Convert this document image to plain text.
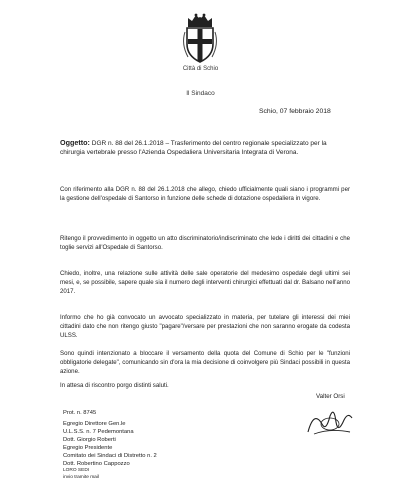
Città di Schio
Il Sindaco
Schio, 07 febbraio 2018
Oggetto: DGR n. 88 del 26.1.2018 – Trasferimento del centro regionale specializzato per la chirurgia vertebrale presso l'Azienda Ospedaliera Universitaria Integrata di Verona.
Con riferimento alla DGR n. 88 del 26.1.2018 che allego, chiedo ufficialmente quali siano i programmi per la gestione dell'ospedale di Santorso in funzione delle schede di dotazione ospedaliera in vigore.
Ritengo il provvedimento in oggetto un atto discriminatorio/indiscriminato che lede i diritti dei cittadini e che toglie servizi all'Ospedale di Santorso.
Chiedo, inoltre, una relazione sulle attività delle sale operatorie del medesimo ospedale degli ultimi sei mesi, e, se possibile, sapere quale sia il numero degli interventi chirurgici effettuati dal dr. Balsano nell'anno 2017.
Informo che ho già convocato un avvocato specializzato in materia, per tutelare gli interessi dei miei cittadini dato che non ritengo giusto "pagare"/versare per prestazioni che non saranno erogate da codesta ULSS.
Sono quindi intenzionato a bloccare il versamento della quota del Comune di Schio per le "funzioni obbligatorie delegate", comunicando sin d'ora la mia decisione di coinvolgere più Sindaci possibili in questa azione.
In attesa di riscontro porgo distinti saluti.
Valter Orsi
Prot. n. 8745
Egregio Direttore Gen.le
U.L.S.S. n. 7 Pedemontana
Dott. Giorgio Roberti
Egregio Presidente
Comitato dei Sindaci di Distretto n. 2
Dott. Robertino Cappozzo
LORO SEDI
invio tramite mail
